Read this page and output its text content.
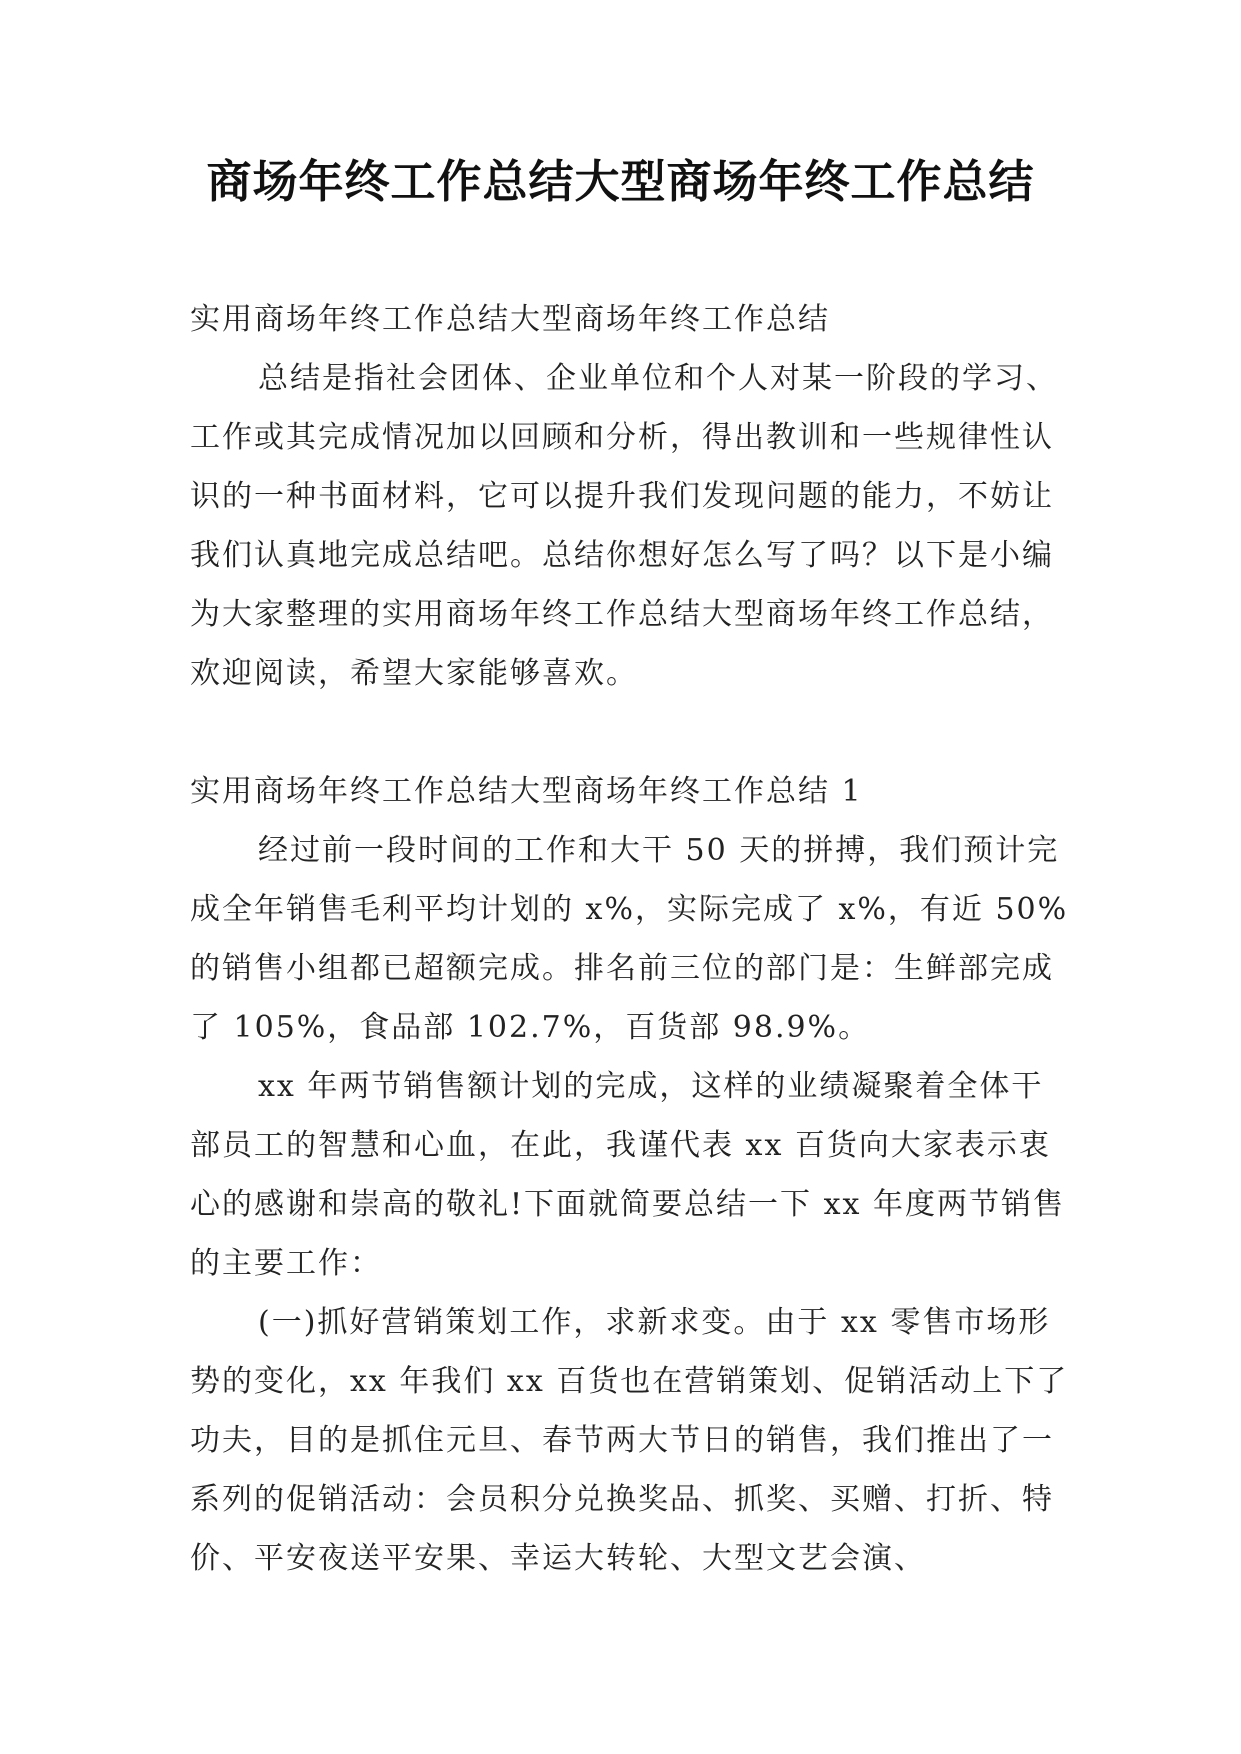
商场年终工作总结大型商场年终工作总结

实用商场年终工作总结大型商场年终工作总结

总结是指社会团体、企业单位和个人对某一阶段的学习、工作或其完成情况加以回顾和分析，得出教训和一些规律性认识的一种书面材料，它可以提升我们发现问题的能力，不妨让我们认真地完成总结吧。总结你想好怎么写了吗？以下是小编为大家整理的实用商场年终工作总结大型商场年终工作总结，欢迎阅读，希望大家能够喜欢。

实用商场年终工作总结大型商场年终工作总结 1

经过前一段时间的工作和大干 50 天的拼搏，我们预计完成全年销售毛利平均计划的 x%，实际完成了 x%，有近 50%的销售小组都已超额完成。排名前三位的部门是：生鲜部完成了 105%，食品部 102.7%，百货部 98.9%。

xx 年两节销售额计划的完成，这样的业绩凝聚着全体干部员工的智慧和心血，在此，我谨代表 xx 百货向大家表示衷心的感谢和崇高的敬礼!下面就简要总结一下 xx 年度两节销售的主要工作：

(一)抓好营销策划工作，求新求变。由于 xx 零售市场形势的变化，xx 年我们 xx 百货也在营销策划、促销活动上下了功夫，目的是抓住元旦、春节两大节日的销售，我们推出了一系列的促销活动：会员积分兑换奖品、抓奖、买赠、打折、特价、平安夜送平安果、幸运大转轮、大型文艺会演、
